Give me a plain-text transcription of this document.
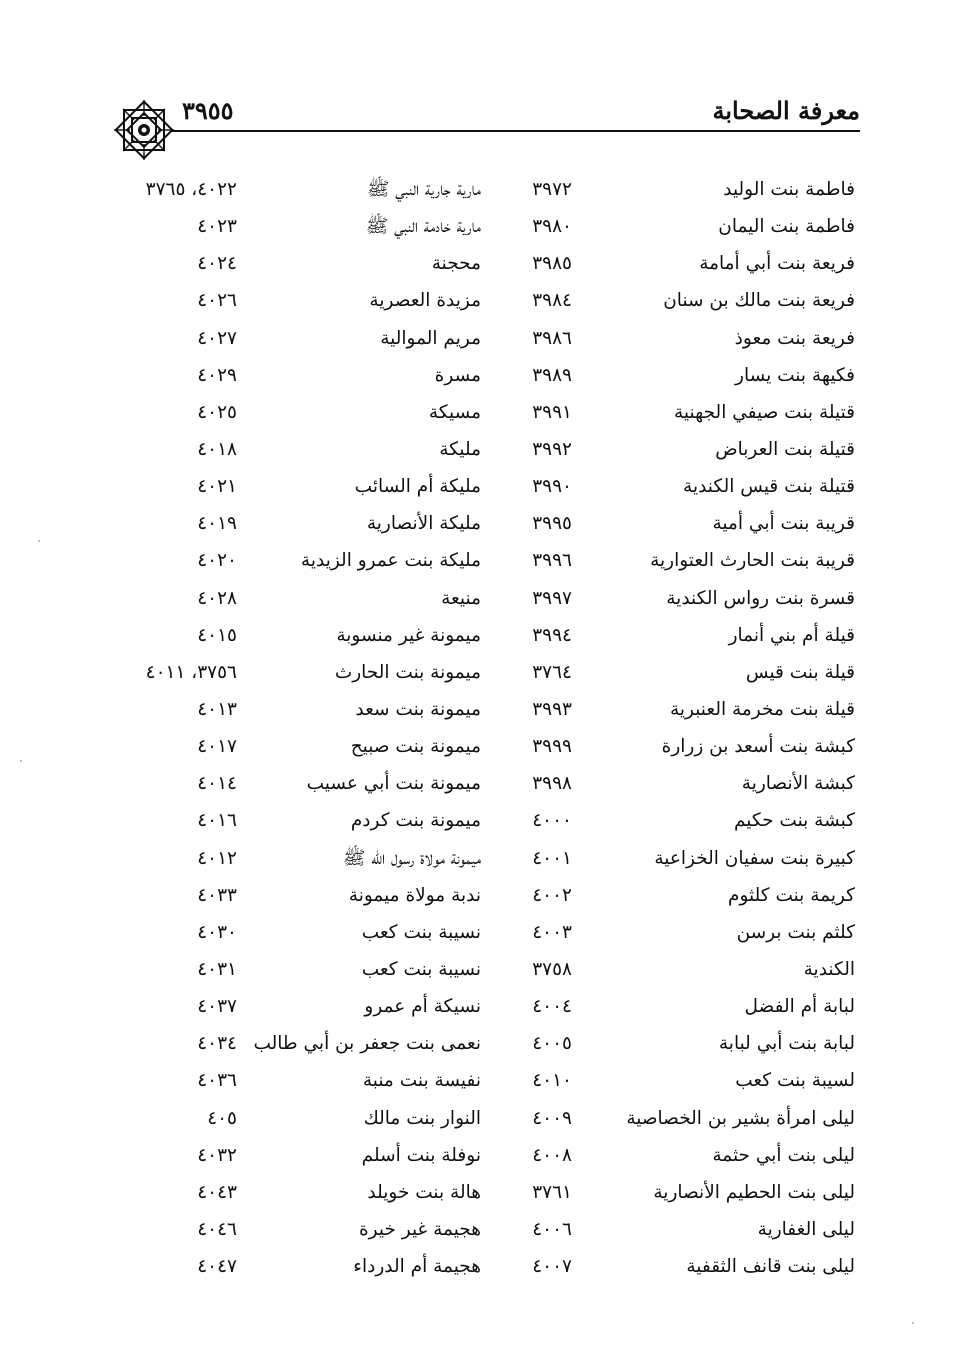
٣٩٥٥	معرفة الصحابة
فاطمة بنت الوليد
٣٩٧٢
مارية جارية النبي ﷺ
٤٠٢٢، ٣٧٦٥
فاطمة بنت اليمان
٣٩٨٠
مارية خادمة النبي ﷺ
٤٠٢٣
فريعة بنت أبي أمامة
٣٩٨٥
محجنة
٤٠٢٤
فريعة بنت مالك بن سنان
٣٩٨٤
مزيدة العصرية
٤٠٢٦
فريعة بنت معوذ
٣٩٨٦
مريم الموالية
٤٠٢٧
فكيهة بنت يسار
٣٩٨٩
مسرة
٤٠٢٩
قتيلة بنت صيفي الجهنية
٣٩٩١
مسيكة
٤٠٢٥
قتيلة بنت العرباض
٣٩٩٢
مليكة
٤٠١٨
قتيلة بنت قيس الكندية
٣٩٩٠
مليكة أم السائب
٤٠٢١
قريبة بنت أبي أمية
٣٩٩٥
مليكة الأنصارية
٤٠١٩
قريبة بنت الحارث العتوارية
٣٩٩٦
مليكة بنت عمرو الزيدية
٤٠٢٠
قسرة بنت رواس الكندية
٣٩٩٧
منيعة
٤٠٢٨
قيلة أم بني أنمار
٣٩٩٤
ميمونة غير منسوبة
٤٠١٥
قيلة بنت قيس
٣٧٦٤
ميمونة بنت الحارث
٣٧٥٦، ٤٠١١
قيلة بنت مخرمة العنبرية
٣٩٩٣
ميمونة بنت سعد
٤٠١٣
كبشة بنت أسعد بن زرارة
٣٩٩٩
ميمونة بنت صبيح
٤٠١٧
كبشة الأنصارية
٣٩٩٨
ميمونة بنت أبي عسيب
٤٠١٤
كبشة بنت حكيم
٤٠٠٠
ميمونة بنت كردم
٤٠١٦
كبيرة بنت سفيان الخزاعية
٤٠٠١
ميمونة مولاة رسول الله ﷺ
٤٠١٢
كريمة بنت كلثوم
٤٠٠٢
ندبة مولاة ميمونة
٤٠٣٣
كلثم بنت برسن
٤٠٠٣
نسيبة بنت كعب
٤٠٣٠
الكندية
٣٧٥٨
نسيبة بنت كعب
٤٠٣١
لبابة أم الفضل
٤٠٠٤
نسيكة أم عمرو
٤٠٣٧
لبابة بنت أبي لبابة
٤٠٠٥
نعمى بنت جعفر بن أبي طالب
٤٠٣٤
لسيبة بنت كعب
٤٠١٠
نفيسة بنت منبة
٤٠٣٦
ليلى امرأة بشير بن الخصاصية
٤٠٠٩
النوار بنت مالك
٤٠٥
ليلى بنت أبي حثمة
٤٠٠٨
نوفلة بنت أسلم
٤٠٣٢
ليلى بنت الحطيم الأنصارية
٣٧٦١
هالة بنت خويلد
٤٠٤٣
ليلى الغفارية
٤٠٠٦
هجيمة غير خيرة
٤٠٤٦
ليلى بنت قانف الثقفية
٤٠٠٧
هجيمة أم الدرداء
٤٠٤٧
